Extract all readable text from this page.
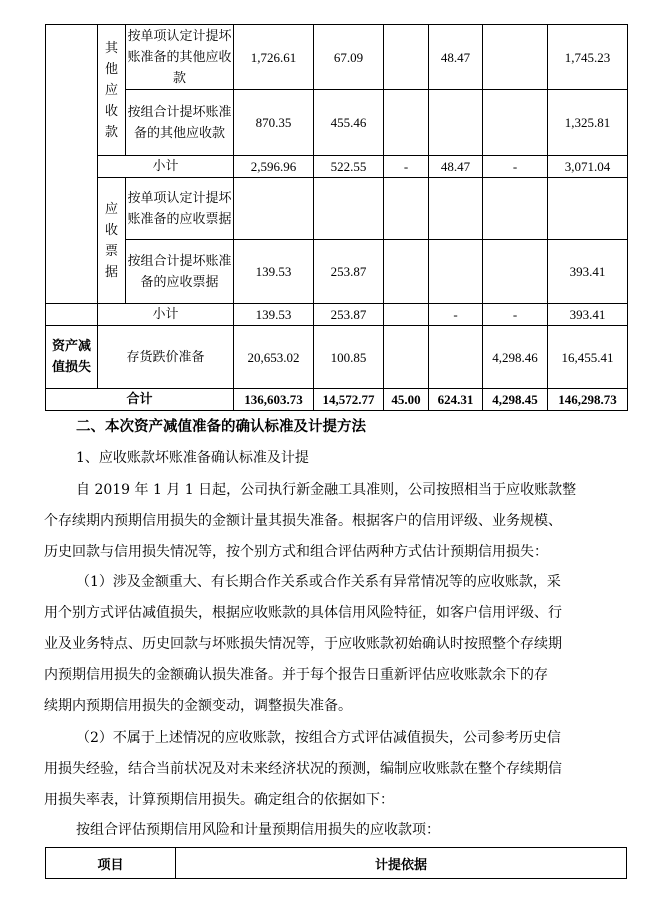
	其他应收款	按单项认定计提坏账准备的其他应收款	1,726.61	67.09		48.47		1,745.23
		按组合计提坏账准备的其他应收款	870.35	455.46				1,325.81
	小计		2,596.96	522.55	-	48.47	-	3,071.04
	应收票据	按单项认定计提坏账准备的应收票据						
		按组合计提坏账准备的应收票据	139.53	253.87				393.41
	小计		139.53	253.87		-	-	393.41
资产减值损失	存货跌价准备		20,653.02	100.85			4,298.46	16,455.41
合计			136,603.73	14,572.77	45.00	624.31	4,298.45	146,298.73
二、本次资产减值准备的确认标准及计提方法

1、应收账款坏账准备确认标准及计提

自 2019 年 1 月 1 日起，公司执行新金融工具准则，公司按照相当于应收账款整
个存续期内预期信用损失的金额计量其损失准备。根据客户的信用评级、业务规模、
历史回款与信用损失情况等，按个别方式和组合评估两种方式估计预期信用损失：
（1）涉及金额重大、有长期合作关系或合作关系有异常情况等的应收账款，采
用个别方式评估减值损失，根据应收账款的具体信用风险特征，如客户信用评级、行
业及业务特点、历史回款与坏账损失情况等，于应收账款初始确认时按照整个存续期
内预期信用损失的金额确认损失准备。并于每个报告日重新评估应收账款余下的存
续期内预期信用损失的金额变动，调整损失准备。
（2）不属于上述情况的应收账款，按组合方式评估减值损失，公司参考历史信
用损失经验，结合当前状况及对未来经济状况的预测，编制应收账款在整个存续期信
用损失率表，计算预期信用损失。确定组合的依据如下：

按组合评估预期信用风险和计量预期信用损失的应收款项：

项目	计提依据
